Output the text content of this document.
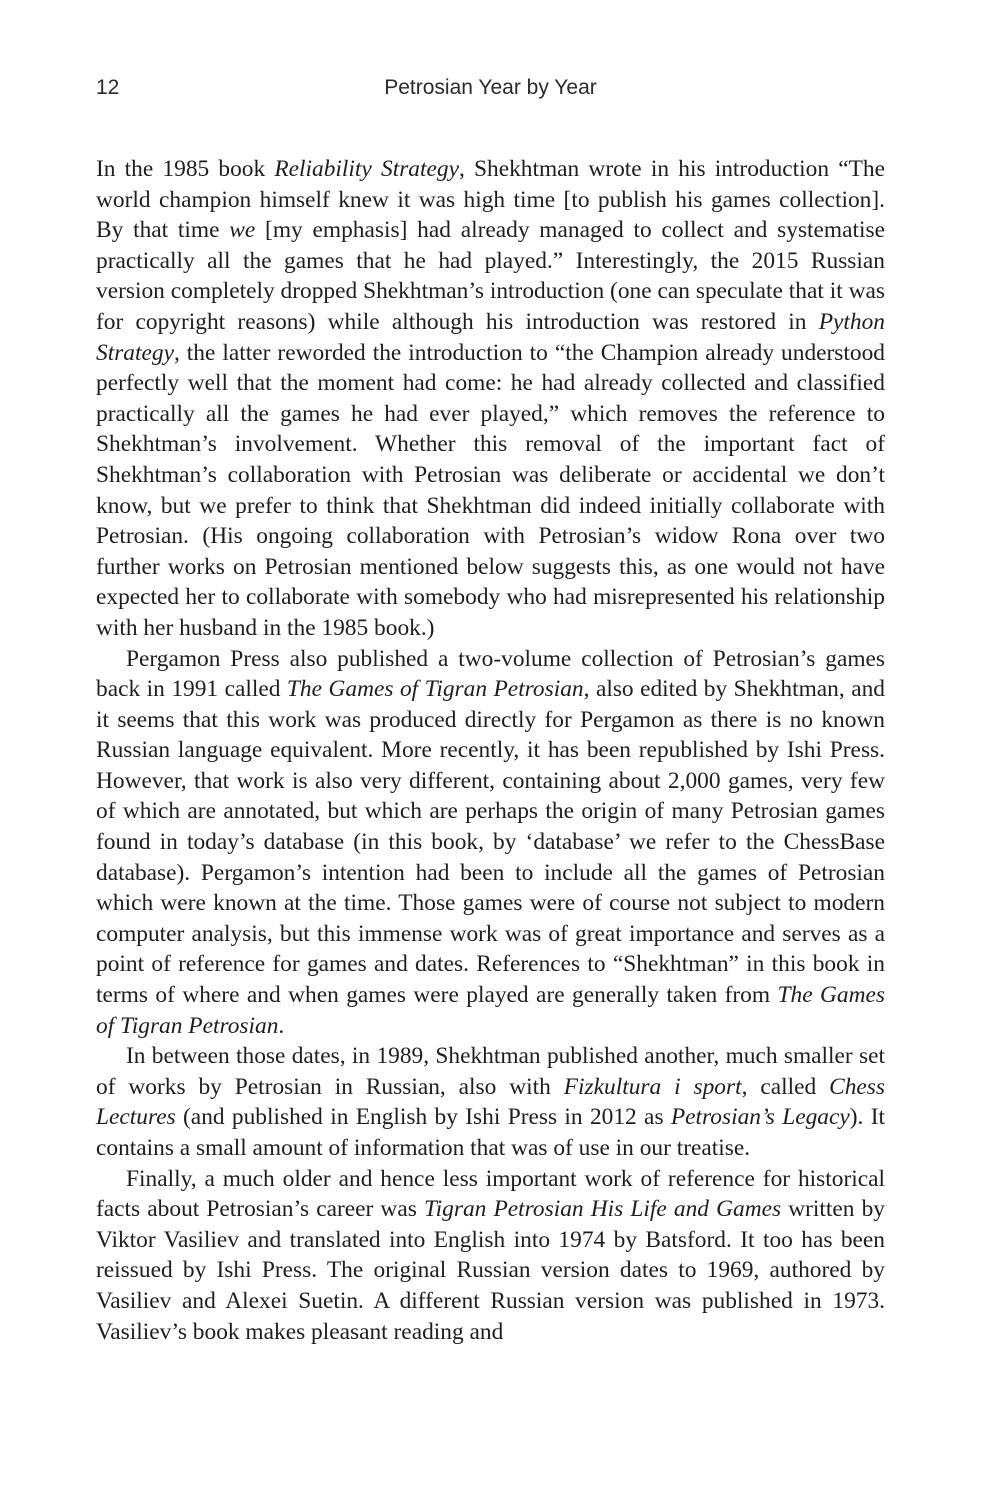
12	Petrosian Year by Year

In the 1985 book Reliability Strategy, Shekhtman wrote in his introduction “The world champion himself knew it was high time [to publish his games collection]. By that time we [my emphasis] had already managed to collect and systematise practically all the games that he had played.” Interestingly, the 2015 Russian version completely dropped Shekhtman’s introduction (one can speculate that it was for copyright reasons) while although his introduction was restored in Python Strategy, the latter reworded the introduction to “the Champion already understood perfectly well that the moment had come: he had already collected and classified practically all the games he had ever played,” which removes the reference to Shekhtman’s involvement. Whether this removal of the important fact of Shekhtman’s collaboration with Petrosian was deliberate or accidental we don’t know, but we prefer to think that Shekhtman did indeed initially collaborate with Petrosian. (His ongoing collaboration with Petrosian’s widow Rona over two further works on Petrosian mentioned below suggests this, as one would not have expected her to collaborate with somebody who had misrepresented his relationship with her husband in the 1985 book.)

Pergamon Press also published a two-volume collection of Petrosian’s games back in 1991 called The Games of Tigran Petrosian, also edited by Shekhtman, and it seems that this work was produced directly for Pergamon as there is no known Russian language equivalent. More recently, it has been republished by Ishi Press. However, that work is also very different, containing about 2,000 games, very few of which are annotated, but which are perhaps the origin of many Petrosian games found in today’s database (in this book, by ‘database’ we refer to the ChessBase database). Pergamon’s intention had been to include all the games of Petrosian which were known at the time. Those games were of course not subject to modern computer analysis, but this immense work was of great importance and serves as a point of reference for games and dates. References to “Shekhtman” in this book in terms of where and when games were played are generally taken from The Games of Tigran Petrosian.

In between those dates, in 1989, Shekhtman published another, much smaller set of works by Petrosian in Russian, also with Fizkultura i sport, called Chess Lectures (and published in English by Ishi Press in 2012 as Petrosian’s Legacy). It contains a small amount of information that was of use in our treatise.

Finally, a much older and hence less important work of reference for historical facts about Petrosian’s career was Tigran Petrosian His Life and Games written by Viktor Vasiliev and translated into English into 1974 by Batsford. It too has been reissued by Ishi Press. The original Russian version dates to 1969, authored by Vasiliev and Alexei Suetin. A different Russian version was published in 1973. Vasiliev’s book makes pleasant reading and
